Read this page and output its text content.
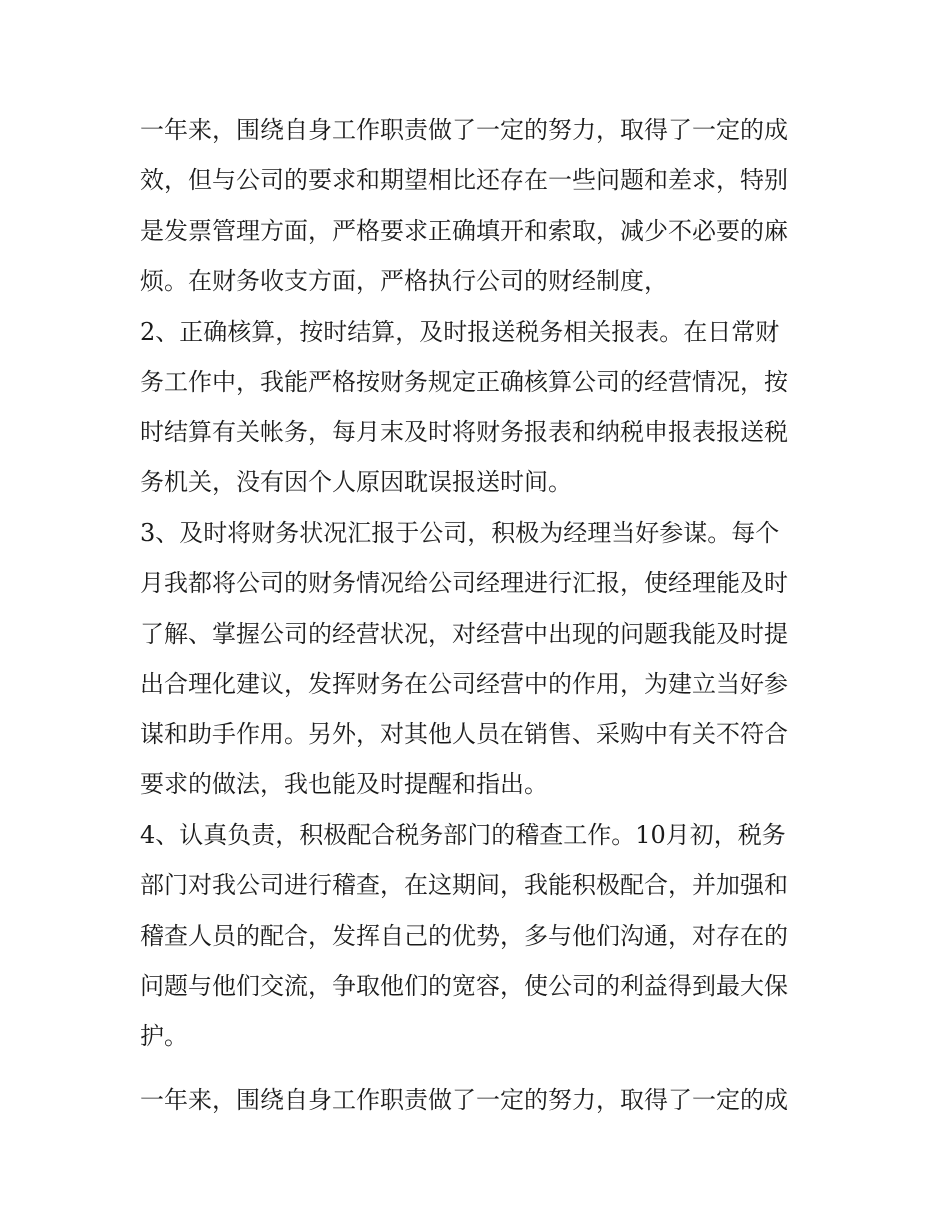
一年来，围绕自身工作职责做了一定的努力，取得了一定的成
效，但与公司的要求和期望相比还存在一些问题和差求，特别
是发票管理方面，严格要求正确填开和索取，减少不必要的麻
烦。在财务收支方面，严格执行公司的财经制度，
2、正确核算，按时结算，及时报送税务相关报表。在日常财
务工作中，我能严格按财务规定正确核算公司的经营情况，按
时结算有关帐务，每月末及时将财务报表和纳税申报表报送税
务机关，没有因个人原因耽误报送时间。
3、及时将财务状况汇报于公司，积极为经理当好参谋。每个
月我都将公司的财务情况给公司经理进行汇报，使经理能及时
了解、掌握公司的经营状况，对经营中出现的问题我能及时提
出合理化建议，发挥财务在公司经营中的作用，为建立当好参
谋和助手作用。另外，对其他人员在销售、采购中有关不符合
要求的做法，我也能及时提醒和指出。
4、认真负责，积极配合税务部门的稽查工作。10月初，税务
部门对我公司进行稽查，在这期间，我能积极配合，并加强和
稽查人员的配合，发挥自己的优势，多与他们沟通，对存在的
问题与他们交流，争取他们的宽容，使公司的利益得到最大保
护。
一年来，围绕自身工作职责做了一定的努力，取得了一定的成
